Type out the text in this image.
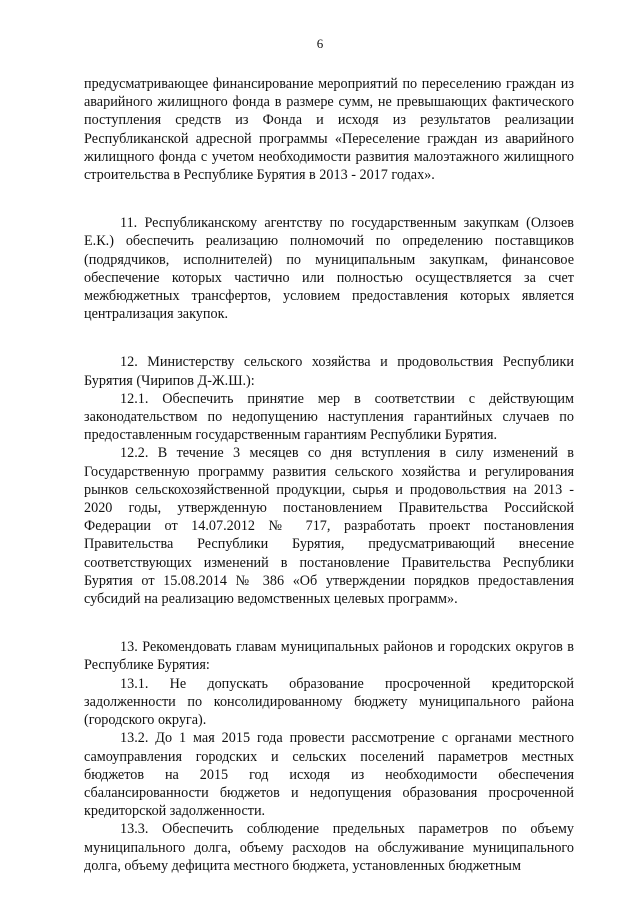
6

предусматривающее финансирование мероприятий по переселению граждан из аварийного жилищного фонда в размере сумм, не превышающих фактического поступления средств из Фонда и исходя из результатов реализации Республиканской адресной программы «Переселение граждан из аварийного жилищного фонда с учетом необходимости развития малоэтажного жилищного строительства в Республике Бурятия в 2013 - 2017 годах».

11. Республиканскому агентству по государственным закупкам (Олзоев Е.К.) обеспечить реализацию полномочий по определению поставщиков (подрядчиков, исполнителей) по муниципальным закупкам, финансовое обеспечение которых частично или полностью осуществляется за счет межбюджетных трансфертов, условием предоставления которых является централизация закупок.

12. Министерству сельского хозяйства и продовольствия Республики Бурятия (Чирипов Д-Ж.Ш.):

12.1. Обеспечить принятие мер в соответствии с действующим законодательством по недопущению наступления гарантийных случаев по предоставленным государственным гарантиям Республики Бурятия.

12.2. В течение 3 месяцев со дня вступления в силу изменений в Государственную программу развития сельского хозяйства и регулирования рынков сельскохозяйственной продукции, сырья и продовольствия на 2013 - 2020 годы, утвержденную постановлением Правительства Российской Федерации от 14.07.2012 № 717, разработать проект постановления Правительства Республики Бурятия, предусматривающий внесение соответствующих изменений в постановление Правительства Республики Бурятия от 15.08.2014 № 386 «Об утверждении порядков предоставления субсидий на реализацию ведомственных целевых программ».

13. Рекомендовать главам муниципальных районов и городских округов в Республике Бурятия:

13.1. Не допускать образование просроченной кредиторской задолженности по консолидированному бюджету муниципального района (городского округа).

13.2. До 1 мая 2015 года провести рассмотрение с органами местного самоуправления городских и сельских поселений параметров местных бюджетов на 2015 год исходя из необходимости обеспечения сбалансированности бюджетов и недопущения образования просроченной кредиторской задолженности.

13.3. Обеспечить соблюдение предельных параметров по объему муниципального долга, объему расходов на обслуживание муниципального долга, объему дефицита местного бюджета, установленных бюджетным
